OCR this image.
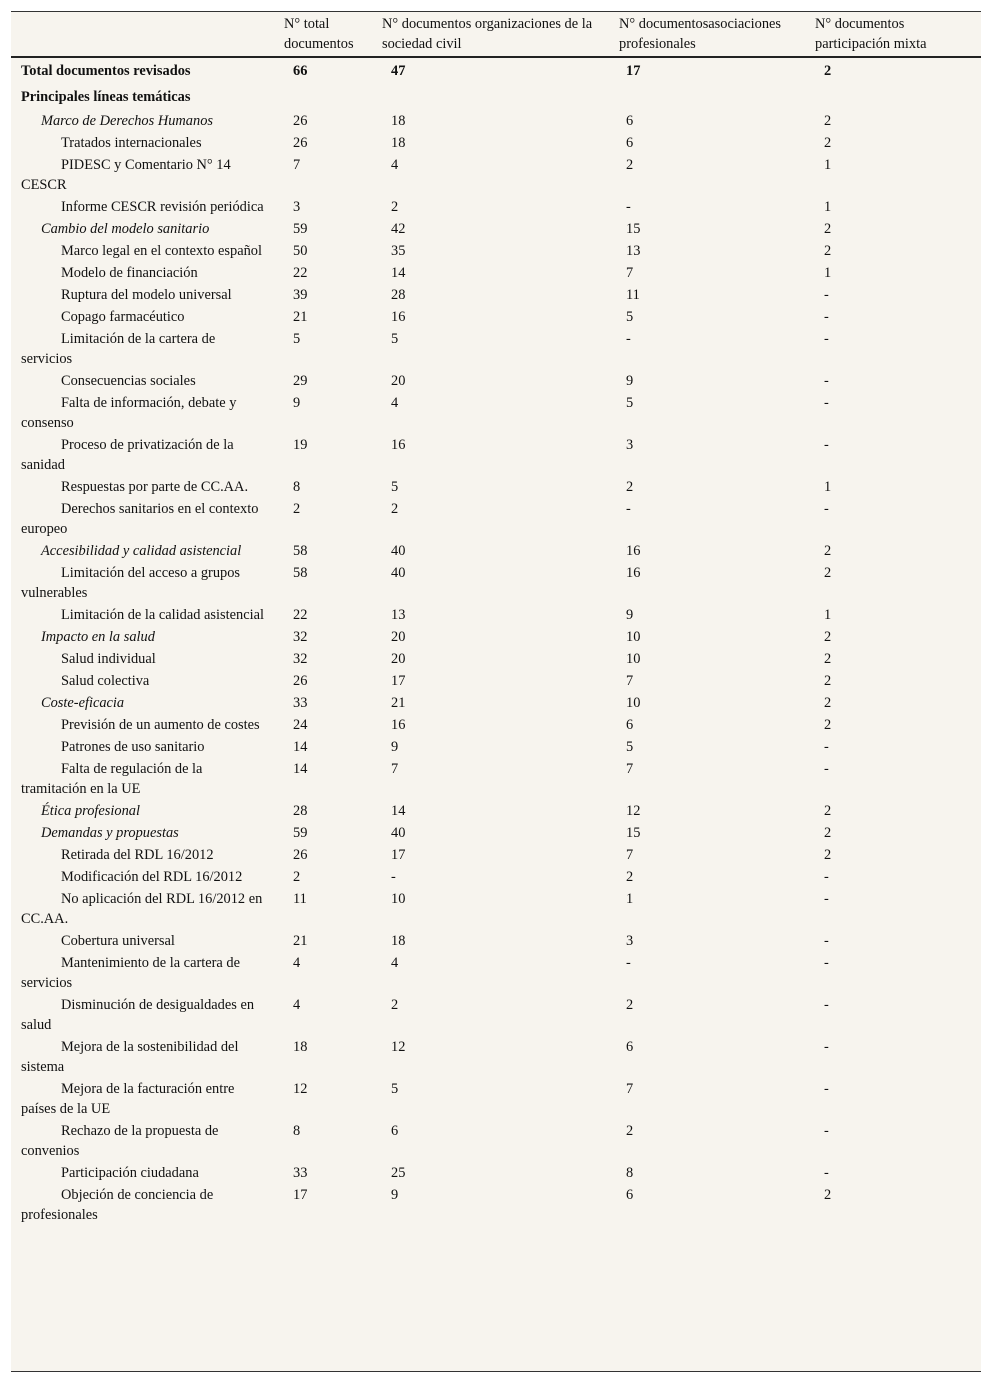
	N° total documentos	N° documentos organizaciones de la sociedad civil	N° documentosasociaciones profesionales	N° documentos participación mixta
Total documentos revisados	66	47	17	2
Principales líneas temáticas				
Marco de Derechos Humanos	26	18	6	2
Tratados internacionales	26	18	6	2
PIDESC y Comentario N° 14 CESCR	7	4	2	1
Informe CESCR revisión periódica	3	2	-	1
Cambio del modelo sanitario	59	42	15	2
Marco legal en el contexto español	50	35	13	2
Modelo de financiación	22	14	7	1
Ruptura del modelo universal	39	28	11	-
Copago farmacéutico	21	16	5	-
Limitación de la cartera de servicios	5	5	-	-
Consecuencias sociales	29	20	9	-
Falta de información, debate y consenso	9	4	5	-
Proceso de privatización de la sanidad	19	16	3	-
Respuestas por parte de CC.AA.	8	5	2	1
Derechos sanitarios en el contexto europeo	2	2	-	-
Accesibilidad y calidad asistencial	58	40	16	2
Limitación del acceso a grupos vulnerables	58	40	16	2
Limitación de la calidad asistencial	22	13	9	1
Impacto en la salud	32	20	10	2
Salud individual	32	20	10	2
Salud colectiva	26	17	7	2
Coste-eficacia	33	21	10	2
Previsión de un aumento de costes	24	16	6	2
Patrones de uso sanitario	14	9	5	-
Falta de regulación de la tramitación en la UE	14	7	7	-
Ética profesional	28	14	12	2
Demandas y propuestas	59	40	15	2
Retirada del RDL 16/2012	26	17	7	2
Modificación del RDL 16/2012	2	-	2	-
No aplicación del RDL 16/2012 en CC.AA.	11	10	1	-
Cobertura universal	21	18	3	-
Mantenimiento de la cartera de servicios	4	4	-	-
Disminución de desigualdades en salud	4	2	2	-
Mejora de la sostenibilidad del sistema	18	12	6	-
Mejora de la facturación entre países de la UE	12	5	7	-
Rechazo de la propuesta de convenios	8	6	2	-
Participación ciudadana	33	25	8	-
Objeción de conciencia de profesionales	17	9	6	2
